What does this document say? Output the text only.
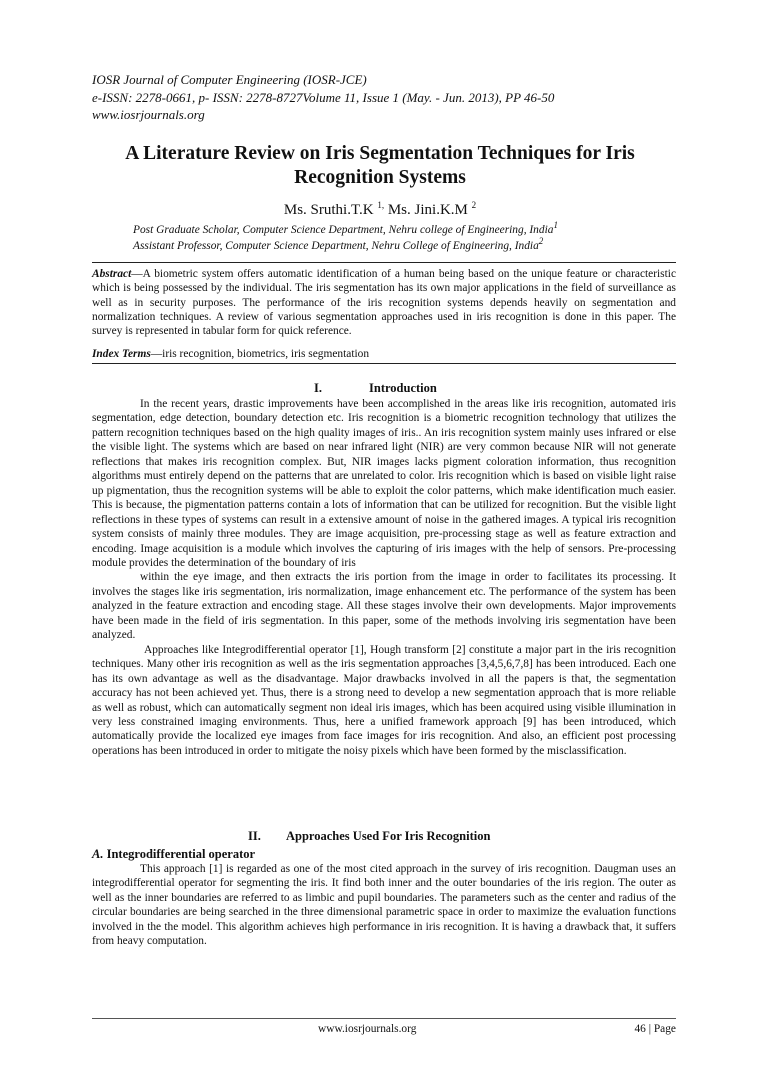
IOSR Journal of Computer Engineering (IOSR-JCE)
e-ISSN: 2278-0661, p- ISSN: 2278-8727Volume 11, Issue 1 (May. - Jun. 2013), PP 46-50
www.iosrjournals.org
A Literature Review on Iris Segmentation Techniques for Iris
Recognition Systems
Ms. Sruthi.T.K $^{1,}$ Ms. Jini.K.M $^2$
Post Graduate Scholar, Computer Science Department, Nehru college of Engineering, India$^1$
Assistant Professor, Computer Science Department, Nehru College of Engineering, India$^2$
Abstract—A biometric system offers automatic identification of a human being based on the unique feature or characteristic which is being possessed by the individual. The iris segmentation has its own major applications in the field of surveillance as well as in security purposes. The performance of the iris recognition systems depends heavily on segmentation and normalization techniques. A review of various segmentation approaches used in iris recognition is done in this paper. The survey is represented in tabular form for quick reference.
Index Terms—iris recognition, biometrics, iris segmentation
I.	Introduction

In the recent years, drastic improvements have been accomplished in the areas like iris recognition, automated iris segmentation, edge detection, boundary detection etc. Iris recognition is a biometric recognition technology that utilizes the pattern recognition techniques based on the high quality images of iris.. An iris recognition system mainly uses infrared or else the visible light. The systems which are based on near infrared light (NIR) are very common because NIR will not generate reflections that makes iris recognition complex. But, NIR images lacks pigment coloration information, thus recognition algorithms must entirely depend on the patterns that are unrelated to color. Iris recognition which is based on visible light raise up pigmentation, thus the recognition systems will be able to exploit the color patterns, which make identification much easier. This is because, the pigmentation patterns contain a lots of information that can be utilized for recognition. But the visible light reflections in these types of systems can result in a extensive amount of noise in the gathered images. A typical iris recognition system consists of mainly three modules. They are image acquisition, pre-processing stage as well as feature extraction and encoding. Image acquisition is a module which involves the capturing of iris images with the help of sensors. Pre-processing module provides the determination of the boundary of iris

within the eye image, and then extracts the iris portion from the image in order to facilitates its processing. It involves the stages like iris segmentation, iris normalization, image enhancement etc. The performance of the system has been analyzed in the feature extraction and encoding stage. All these stages involve their own developments. Major improvements have been made in the field of iris segmentation. In this paper, some of the methods involving iris segmentation have been analyzed.

Approaches like Integrodifferential operator [1], Hough transform [2] constitute a major part in the iris recognition techniques. Many other iris recognition as well as the iris segmentation approaches [3,4,5,6,7,8] has been introduced. Each one has its own advantage as well as the disadvantage. Major drawbacks involved in all the papers is that, the segmentation accuracy has not been achieved yet. Thus, there is a strong need to develop a new segmentation approach that is more reliable as well as robust, which can automatically segment non ideal iris images, which has been acquired using visible illumination in very less constrained imaging environments. Thus, here a unified framework approach [9] has been introduced, which automatically provide the localized eye images from face images for iris recognition. And also, an efficient post processing operations has been introduced in order to mitigate the noisy pixels which have been formed by the misclassification.

II. Approaches Used For Iris Recognition
A. Integrodifferential operator

This approach [1] is regarded as one of the most cited approach in the survey of iris recognition. Daugman uses an integrodifferential operator for segmenting the iris. It find both inner and the outer boundaries of the iris region. The outer as well as the inner boundaries are referred to as limbic and pupil boundaries. The parameters such as the center and radius of the circular boundaries are being searched in the three dimensional parametric space in order to maximize the evaluation functions involved in the the model. This algorithm achieves high performance in iris recognition. It is having a drawback that, it suffers from heavy computation.

www.iosrjournals.org	46 | Page
